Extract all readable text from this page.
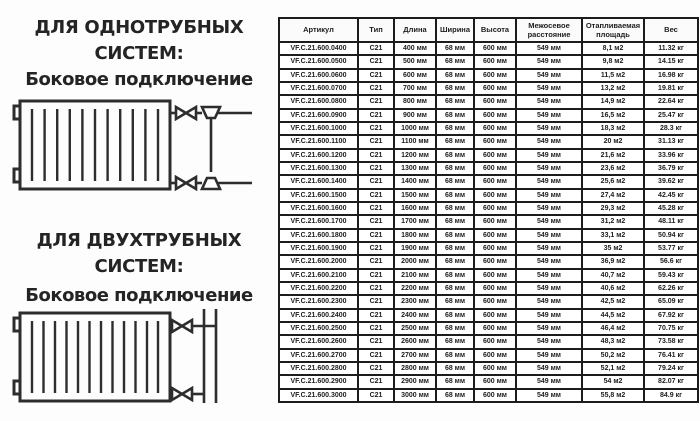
ДЛЯ ОДНОТРУБНЫХ СИСТЕМ:
Боковое подключение
ДЛЯ ДВУХТРУБНЫХ СИСТЕМ:
Боковое подключение
Артикул	Тип	Длина	Ширина	Высота	Межосевое расстояние	Отапливаемая площадь	Вес
VF.C.21.600.0400	C21	400 мм	68 мм	600 мм	549 мм	8,1 м2	11.32 кг
VF.C.21.600.0500	C21	500 мм	68 мм	600 мм	549 мм	9,8 м2	14.15 кг
VF.C.21.600.0600	C21	600 мм	68 мм	600 мм	549 мм	11,5 м2	16.98 кг
VF.C.21.600.0700	C21	700 мм	68 мм	600 мм	549 мм	13,2 м2	19.81 кг
VF.C.21.600.0800	C21	800 мм	68 мм	600 мм	549 мм	14,9 м2	22.64 кг
VF.C.21.600.0900	C21	900 мм	68 мм	600 мм	549 мм	16,5 м2	25.47 кг
VF.C.21.600.1000	C21	1000 мм	68 мм	600 мм	549 мм	18,3 м2	28.3 кг
VF.C.21.600.1100	C21	1100 мм	68 мм	600 мм	549 мм	20 м2	31.13 кг
VF.C.21.600.1200	C21	1200 мм	68 мм	600 мм	549 мм	21,6 м2	33.96 кг
VF.C.21.600.1300	C21	1300 мм	68 мм	600 мм	549 мм	23,6 м2	36.79 кг
VF.C.21.600.1400	C21	1400 мм	68 мм	600 мм	549 мм	25,6 м2	39.62 кг
VF.C.21.600.1500	C21	1500 мм	68 мм	600 мм	549 мм	27,4 м2	42.45 кг
VF.C.21.600.1600	C21	1600 мм	68 мм	600 мм	549 мм	29,3 м2	45.28 кг
VF.C.21.600.1700	C21	1700 мм	68 мм	600 мм	549 мм	31,2 м2	48.11 кг
VF.C.21.600.1800	C21	1800 мм	68 мм	600 мм	549 мм	33,1 м2	50.94 кг
VF.C.21.600.1900	C21	1900 мм	68 мм	600 мм	549 мм	35 м2	53.77 кг
VF.C.21.600.2000	C21	2000 мм	68 мм	600 мм	549 мм	36,9 м2	56.6 кг
VF.C.21.600.2100	C21	2100 мм	68 мм	600 мм	549 мм	40,7 м2	59.43 кг
VF.C.21.600.2200	C21	2200 мм	68 мм	600 мм	549 мм	40,6 м2	62.26 кг
VF.C.21.600.2300	C21	2300 мм	68 мм	600 мм	549 мм	42,5 м2	65.09 кг
VF.C.21.600.2400	C21	2400 мм	68 мм	600 мм	549 мм	44,5 м2	67.92 кг
VF.C.21.600.2500	C21	2500 мм	68 мм	600 мм	549 мм	46,4 м2	70.75 кг
VF.C.21.600.2600	C21	2600 мм	68 мм	600 мм	549 мм	48,3 м2	73.58 кг
VF.C.21.600.2700	C21	2700 мм	68 мм	600 мм	549 мм	50,2 м2	76.41 кг
VF.C.21.600.2800	C21	2800 мм	68 мм	600 мм	549 мм	52,1 м2	79.24 кг
VF.C.21.600.2900	C21	2900 мм	68 мм	600 мм	549 мм	54 м2	82.07 кг
VF.C.21.600.3000	C21	3000 мм	68 мм	600 мм	549 мм	55,8 м2	84.9 кг
